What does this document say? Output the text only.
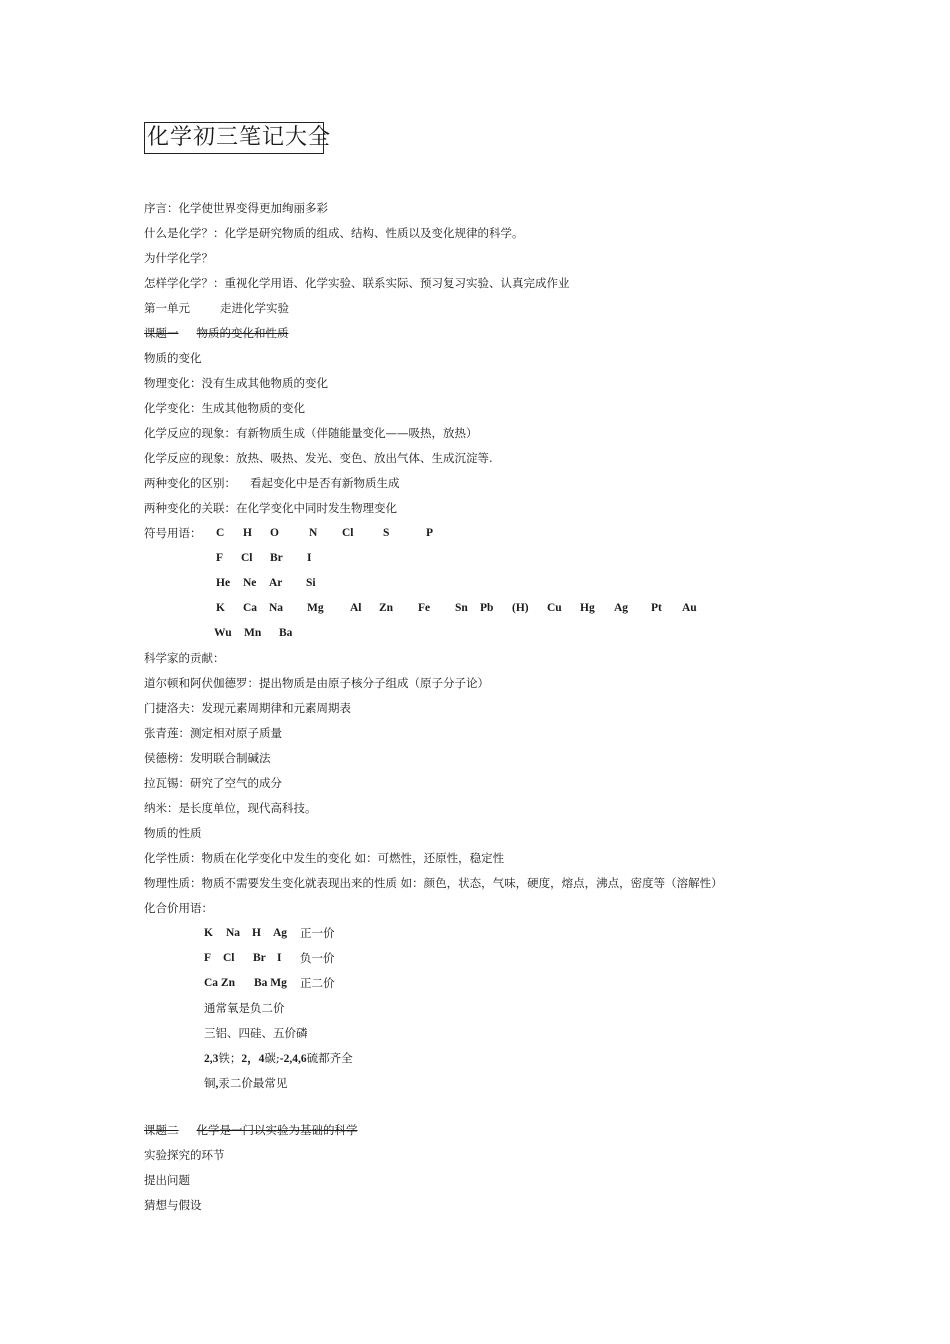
化学初三笔记大全
序言：化学使世界变得更加绚丽多彩
什么是化学？：化学是研究物质的组成、结构、性质以及变化规律的科学。
为什学化学？
怎样学化学？：重视化学用语、化学实验、联系实际、预习复习实验、认真完成作业
第一单元	走进化学实验
课题一 物质的变化和性质
物质的变化
物理变化：没有生成其他物质的变化
化学变化：生成其他物质的变化
化学反应的现象：有新物质生成（伴随能量变化——吸热，放热）
化学反应的现象：放热、吸热、发光、变色、放出气体、生成沉淀等.
两种变化的区别： 看起变化中是否有新物质生成
两种变化的关联：在化学变化中同时发生物理变化
符号用语： C H O	N Cl	S	P
F Cl Br I
He Ne Ar Si
K Ca Na Mg Al Zn Fe Sn Pb (H) Cu Hg Ag Pt Au
Wu Mn Ba
科学家的贡献：
道尔顿和阿伏伽德罗：提出物质是由原子核分子组成（原子分子论）
门捷洛夫：发现元素周期律和元素周期表
张青莲：测定相对原子质量
侯德榜：发明联合制碱法
拉瓦锡：研究了空气的成分
纳米：是长度单位，现代高科技。
物质的性质
化学性质：物质在化学变化中发生的变化 如：可燃性，还原性，稳定性
物理性质：物质不需要发生变化就表现出来的性质 如：颜色，状态，气味，硬度，熔点，沸点，密度等（溶解性）
化合价用语：
K Na H Ag 正一价
F Cl Br I 负一价
Ca Zn Ba Mg 正二价
通常氧是负二价
三铝、四硅、五价磷
2,3铁；2，4碳;-2,4,6硫都齐全
铜,汞二价最常见
课题二 化学是一门以实验为基础的科学
实验探究的环节
提出问题
猜想与假设
